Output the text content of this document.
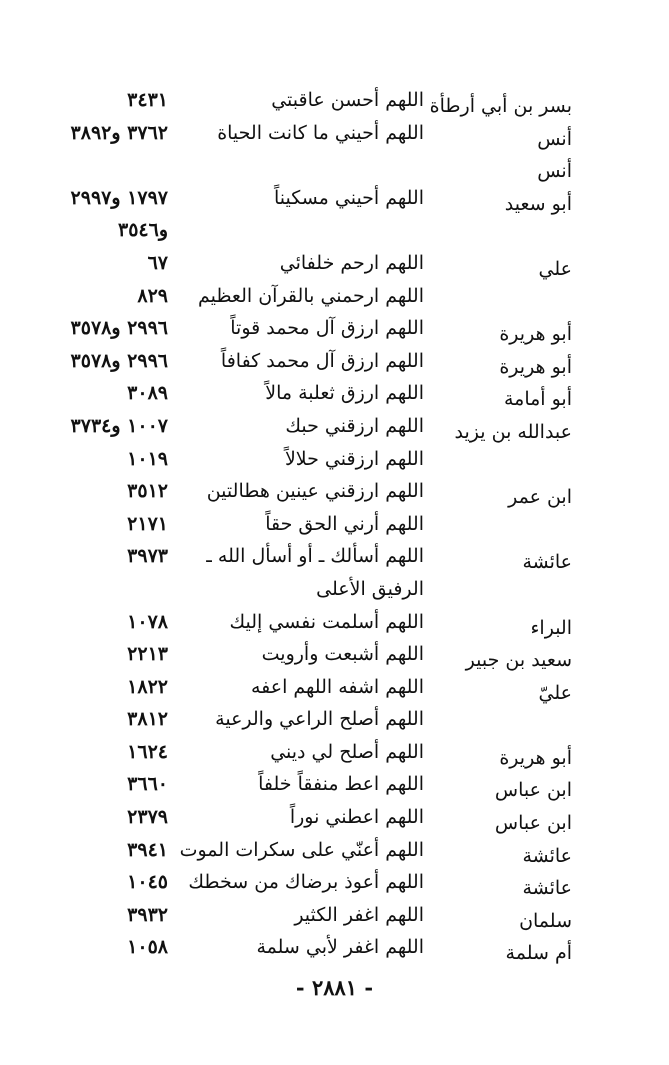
بسر بن أبي أرطأة
اللهم أحسن عاقبتي
٣٤٣١
أنس
اللهم أحيني ما كانت الحياة
٣٧٦٢ و٣٨٩٢
أنس
أبو سعيد
اللهم أحيني مسكيناً
١٧٩٧ و٢٩٩٧
و٣٥٤٦
علي
اللهم ارحم خلفائي
٦٧
اللهم ارحمني بالقرآن العظيم
٨٢٩
أبو هريرة
اللهم ارزق آل محمد قوتاً
٢٩٩٦ و٣٥٧٨
أبو هريرة
اللهم ارزق آل محمد كفافاً
٢٩٩٦ و٣٥٧٨
أبو أمامة
اللهم ارزق ثعلبة مالاً
٣٠٨٩
عبدالله بن يزيد
اللهم ارزقني حبك
١٠٠٧ و٣٧٣٤
اللهم ارزقني حلالاً
١٠١٩
ابن عمر
اللهم ارزقني عينين هطالتين
٣٥١٢
اللهم أرني الحق حقاً
٢١٧١
عائشة
اللهم أسألك ـ أو أسأل الله ـ
٣٩٧٣
الرفيق الأعلى
البراء
اللهم أسلمت نفسي إليك
١٠٧٨
سعيد بن جبير
اللهم أشبعت وأرويت
٢٢١٣
عليّ
اللهم اشفه اللهم اعفه
١٨٢٢
اللهم أصلح الراعي والرعية
٣٨١٢
أبو هريرة
اللهم أصلح لي ديني
١٦٢٤
ابن عباس
اللهم اعط منفقاً خلفاً
٣٦٦٠
ابن عباس
اللهم اعطني نوراً
٢٣٧٩
عائشة
اللهم أعنّي على سكرات الموت
٣٩٤١
عائشة
اللهم أعوذ برضاك من سخطك
١٠٤٥
سلمان
اللهم اغفر الكثير
٣٩٣٢
أم سلمة
اللهم اغفر لأبي سلمة
١٠٥٨
- ٢٨٨١ -
